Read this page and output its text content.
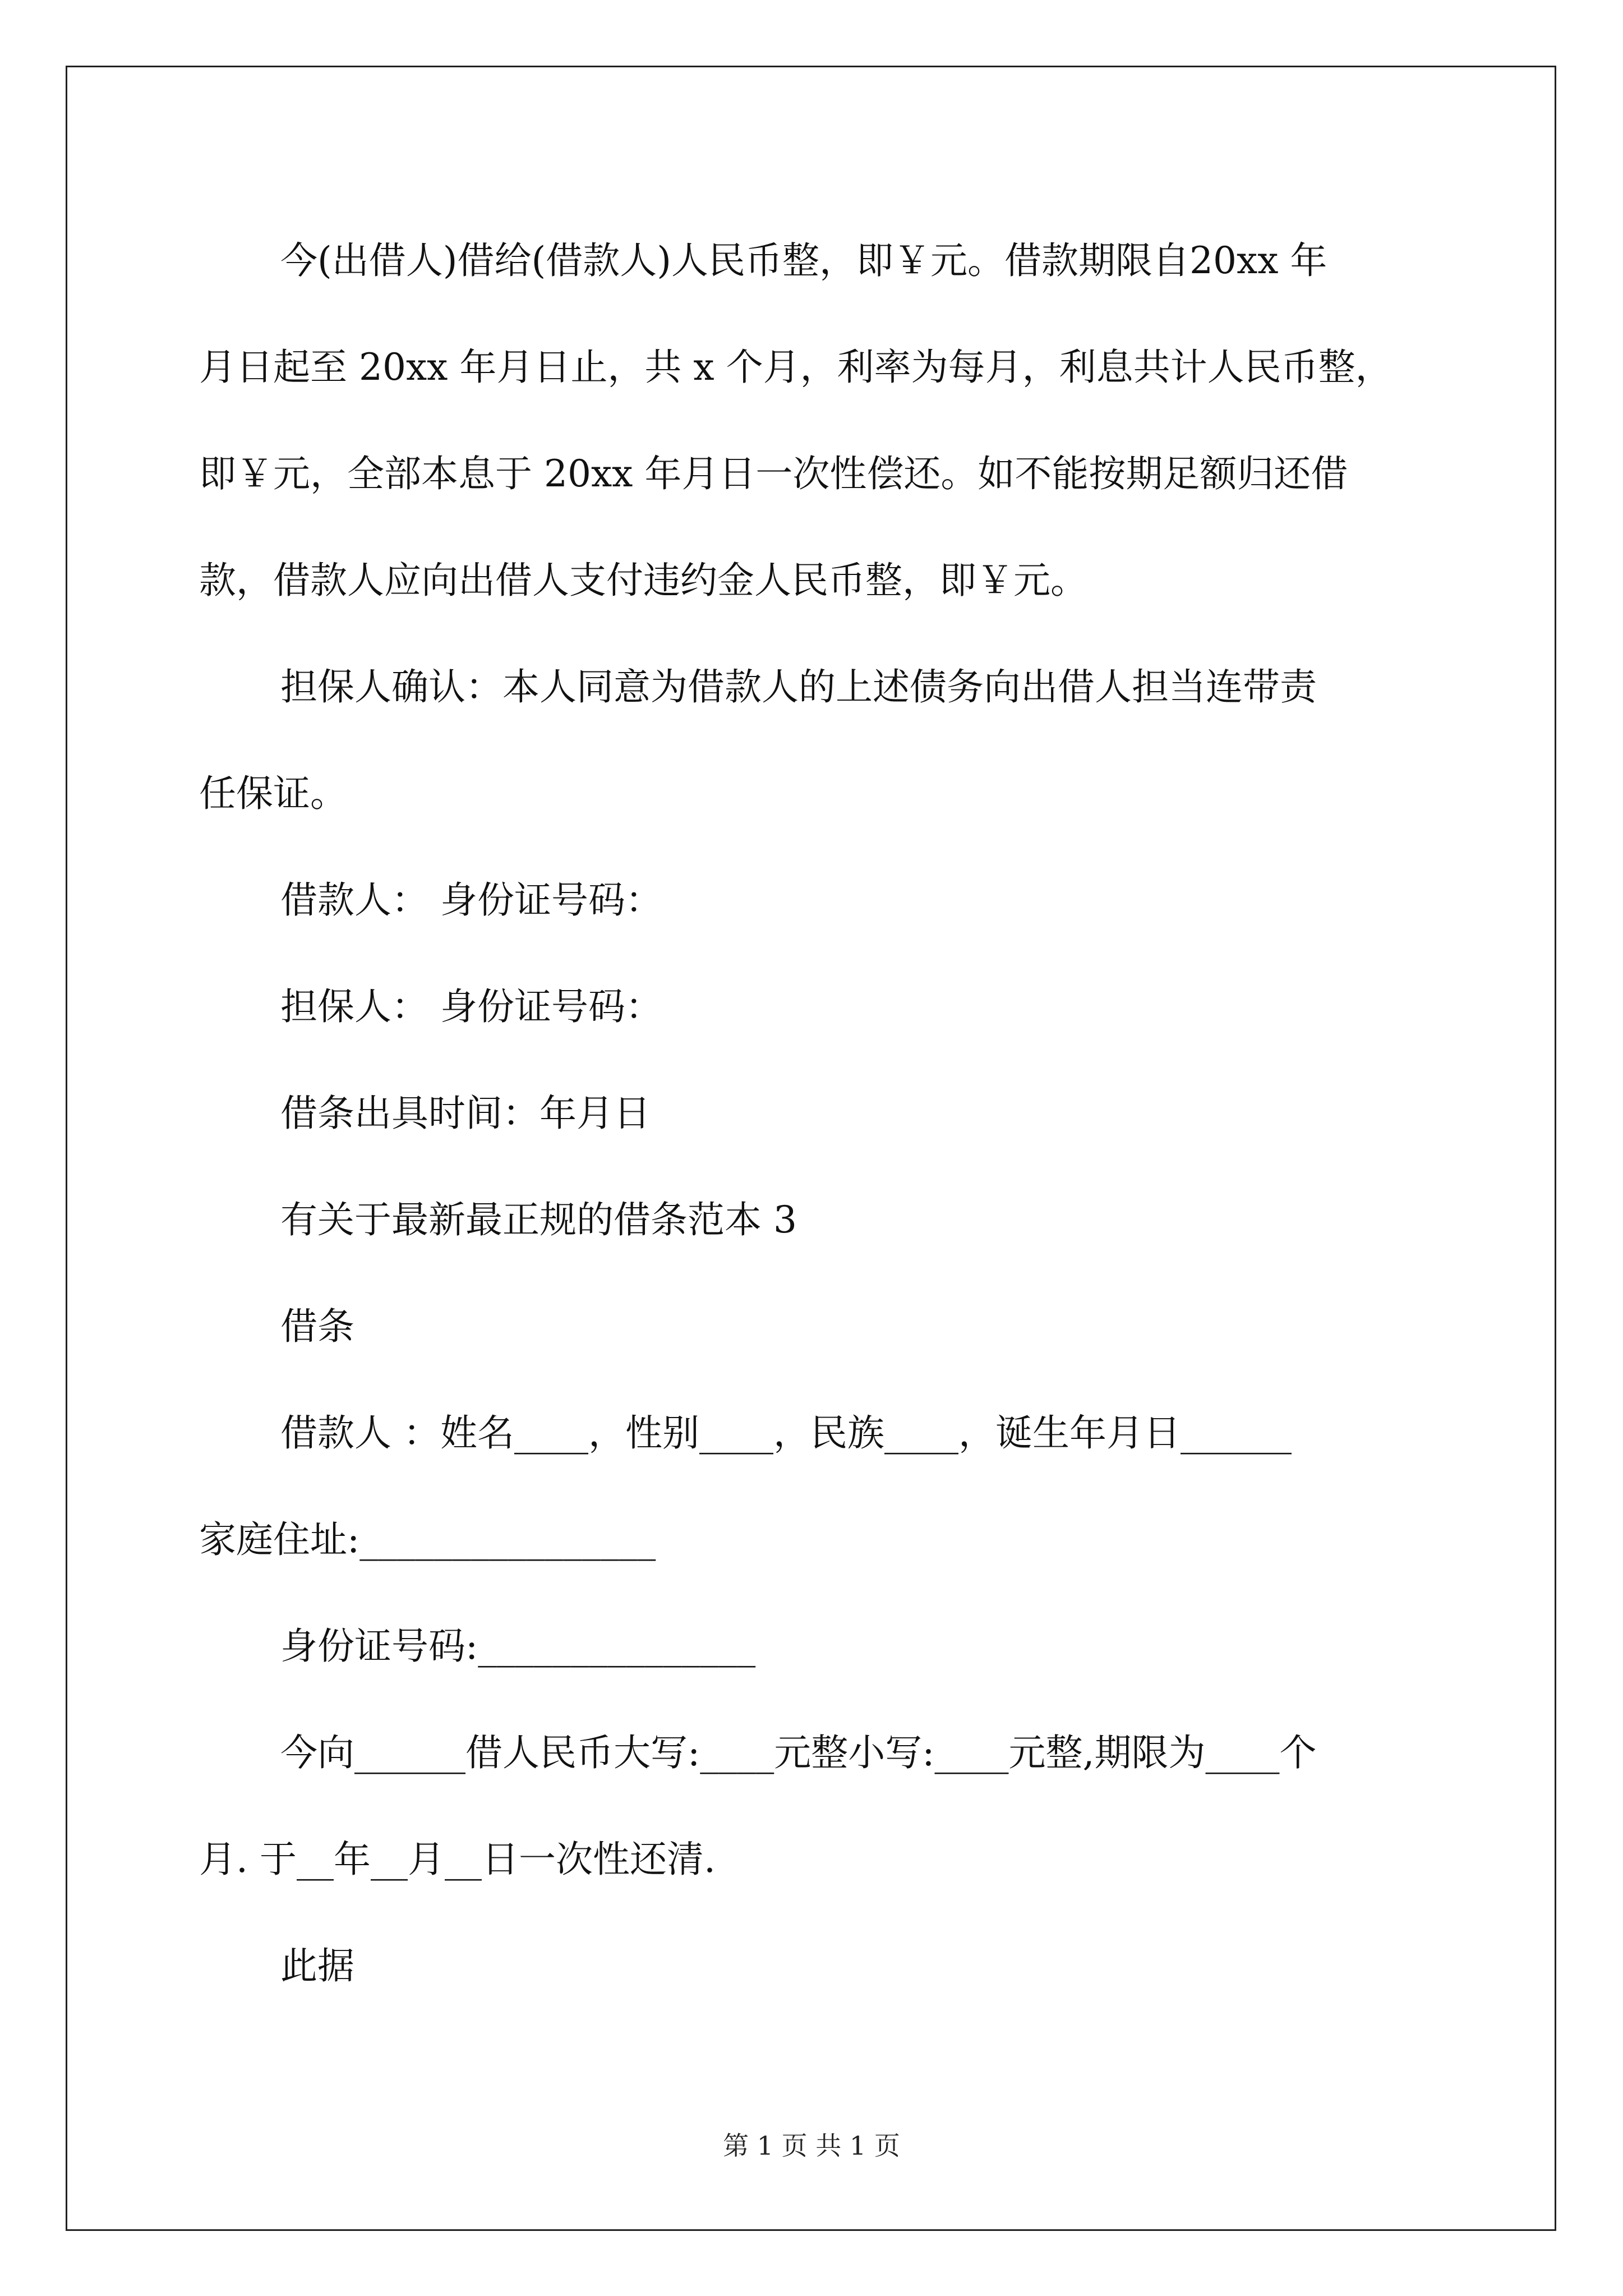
今(出借人)借给(借款人)人民币整，即￥元。借款期限自20xx 年

月日起至 20xx 年月日止，共 x 个月，利率为每月，利息共计人民币整，

即￥元，全部本息于 20xx 年月日一次性偿还。如不能按期足额归还借

款，借款人应向出借人支付违约金人民币整，即￥元。

担保人确认：本人同意为借款人的上述债务向出借人担当连带责

任保证。

借款人： 身份证号码：

担保人： 身份证号码：

借条出具时间：年月日

有关于最新最正规的借条范本 3

借条

借款人 ：姓名____，性别____，民族____，诞生年月日______

家庭住址:________________

身份证号码:_______________

今向______借人民币大写:____元整小写:____元整,期限为____个

月. 于__年__月__日一次性还清.

此据

第 1 页 共 1 页
